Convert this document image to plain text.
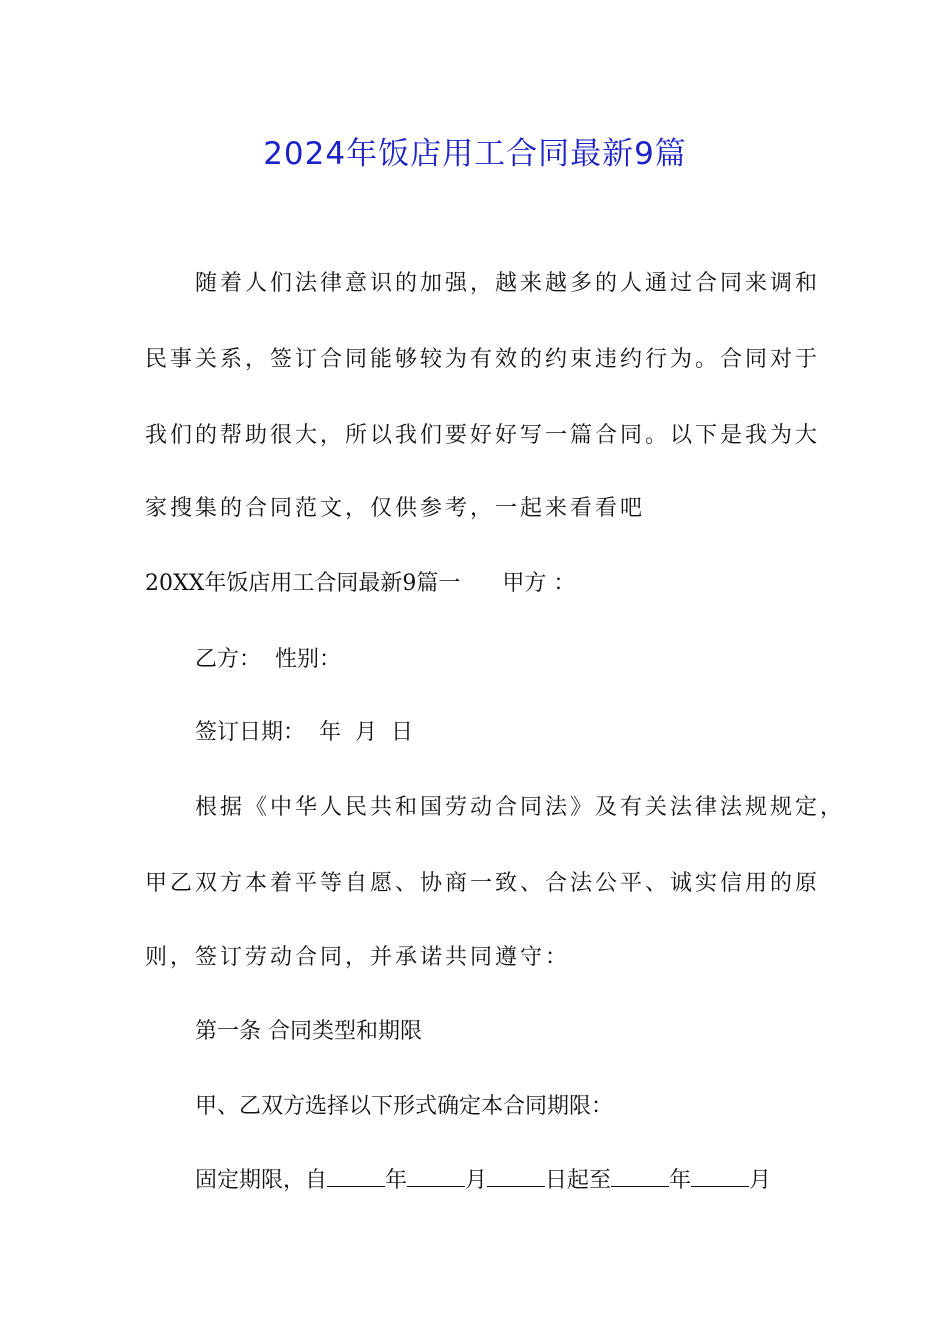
2024年饭店用工合同最新9篇
随着人们法律意识的加强，越来越多的人通过合同来调和
民事关系，签订合同能够较为有效的约束违约行为。合同对于
我们的帮助很大，所以我们要好好写一篇合同。以下是我为大
家搜集的合同范文，仅供参考，一起来看看吧
20XX年饭店用工合同最新9篇一 甲方 ：
乙方： 性别：
签订日期： 年 月 日
根据《中华人民共和国劳动合同法》及有关法律法规规定，
甲乙双方本着平等自愿、协商一致、合法公平、诚实信用的原
则，签订劳动合同，并承诺共同遵守：
第一条 合同类型和期限
甲、乙双方选择以下形式确定本合同期限：
固定期限，自	年	月	日起至	年	月
